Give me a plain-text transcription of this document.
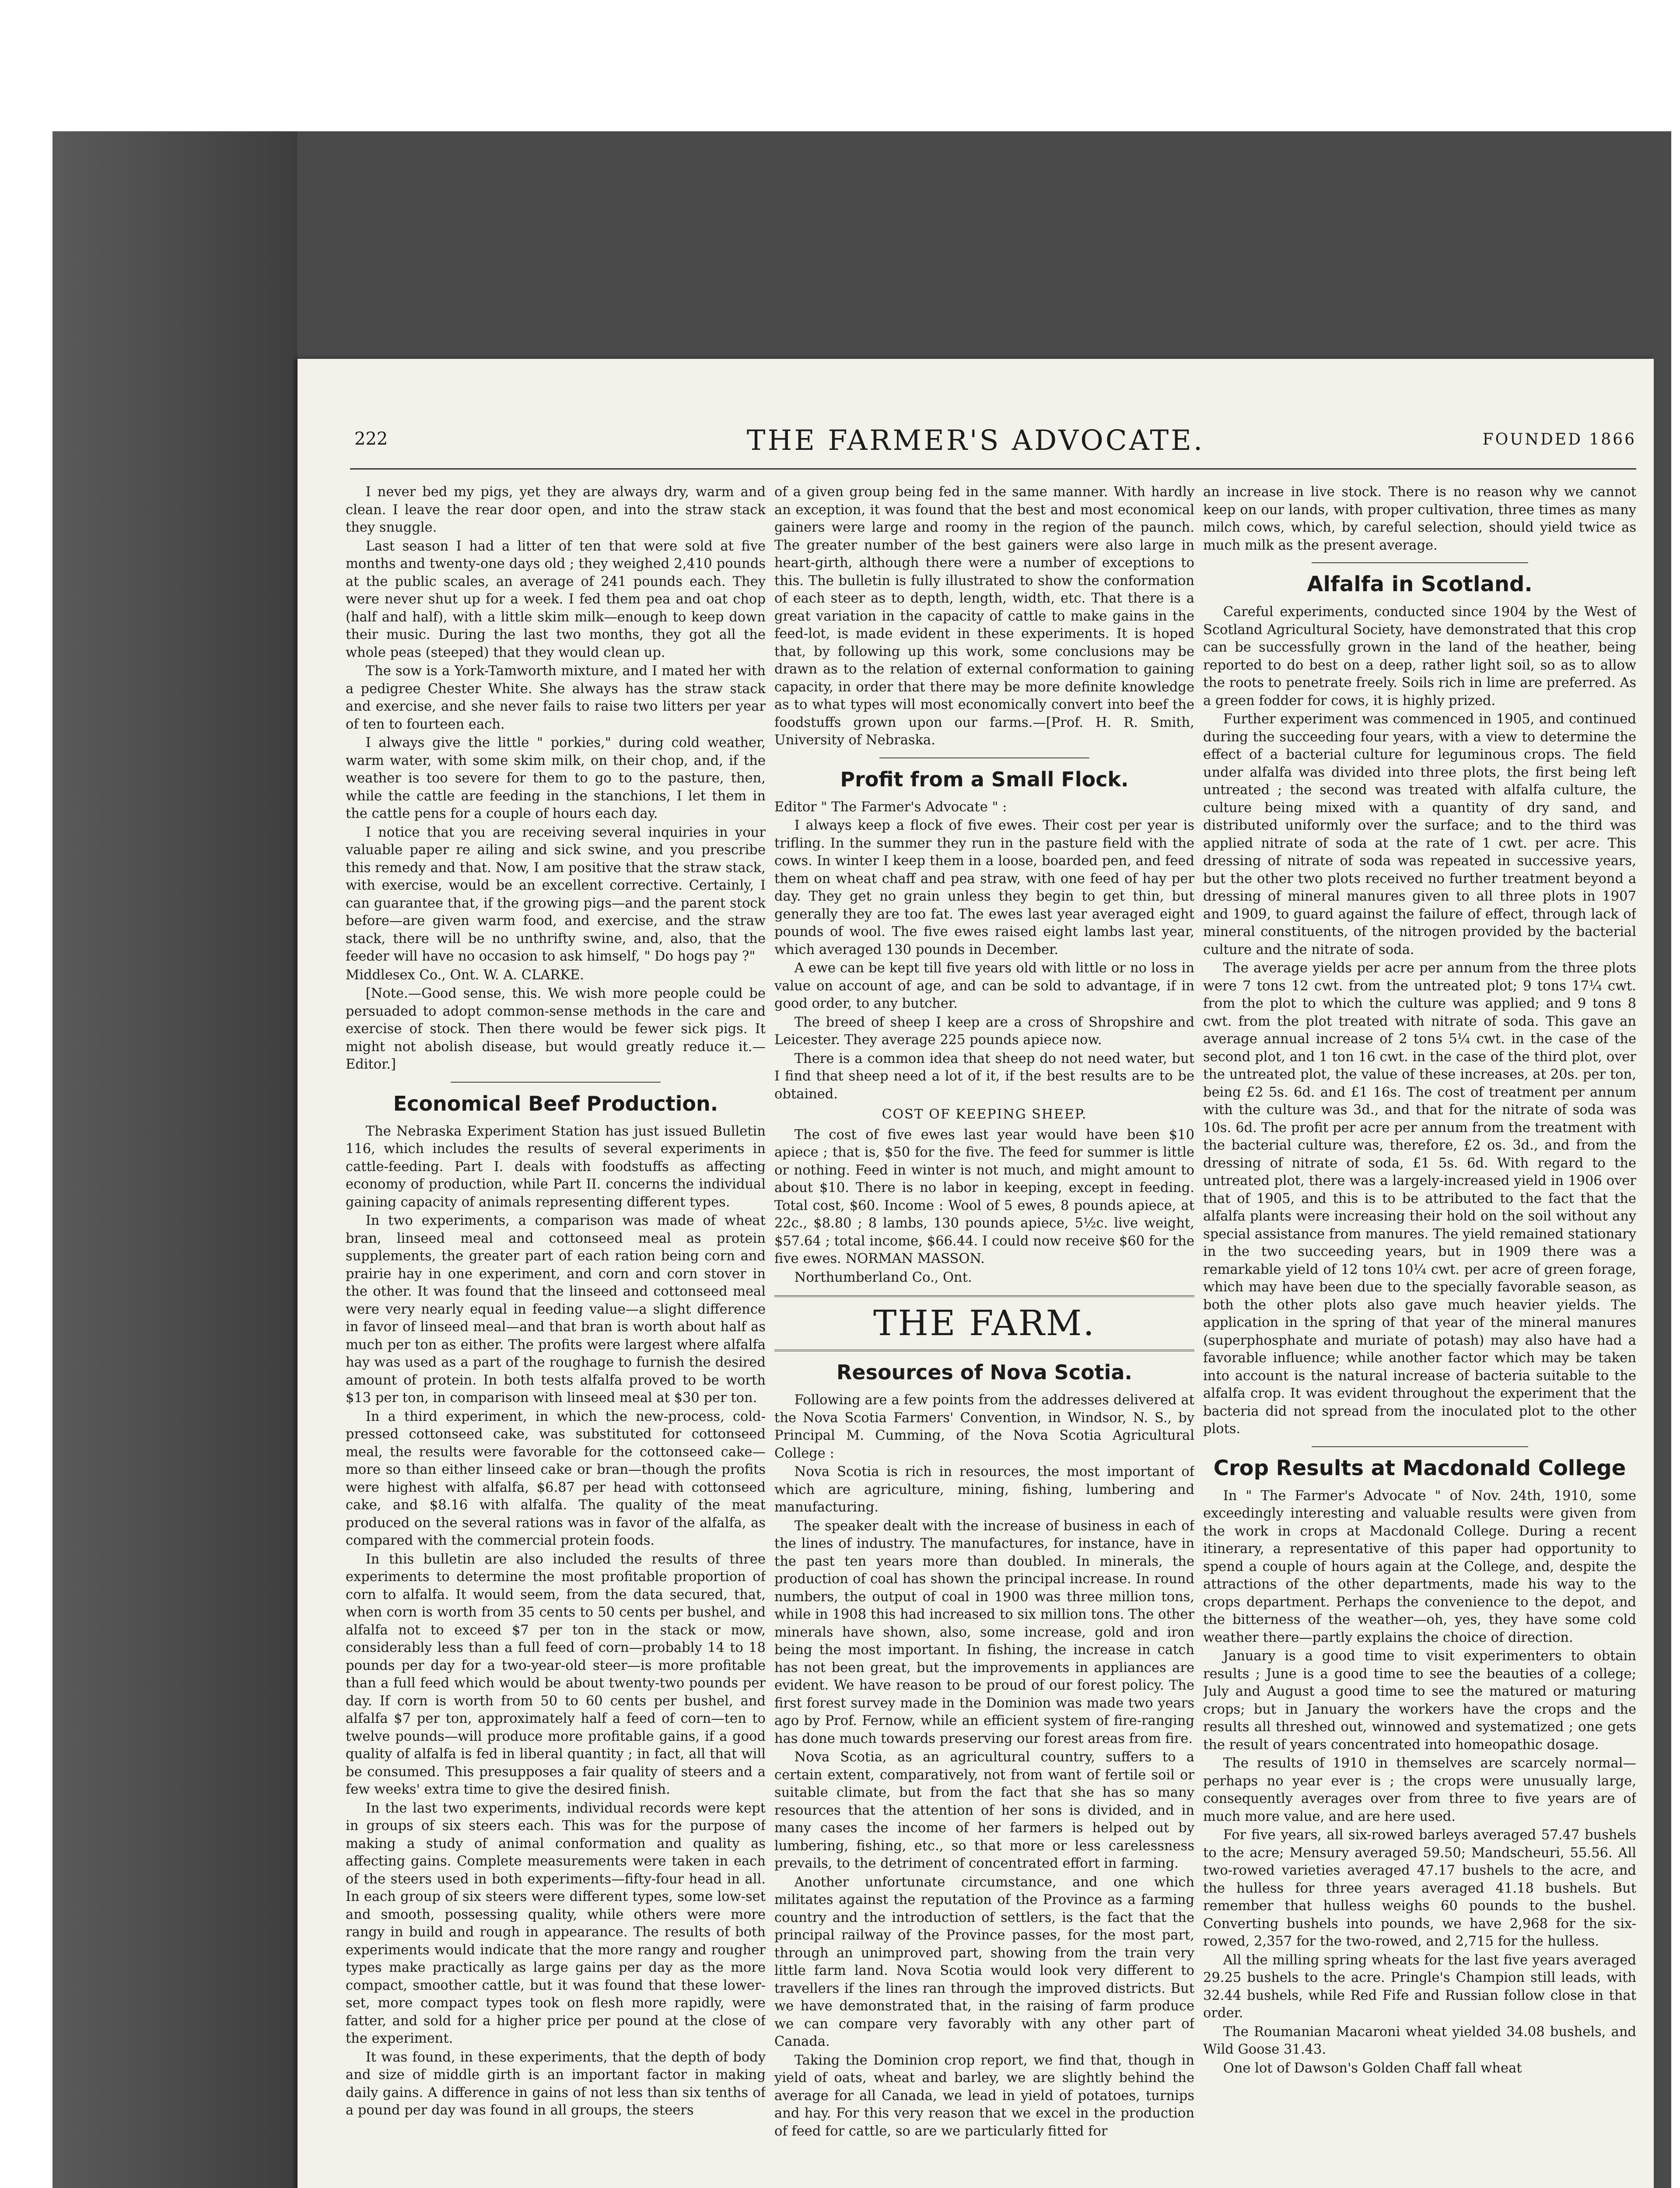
222	THE FARMER'S ADVOCATE.	FOUNDED 1866

I never bed my pigs, yet they are always dry, warm and clean. I leave the rear door open, and into the straw stack they snuggle.

Last season I had a litter of ten that were sold at five months and twenty-one days old ; they weighed 2,410 pounds at the public scales, an average of 241 pounds each. They were never shut up for a week. I fed them pea and oat chop (half and half), with a little skim milk—enough to keep down their music. During the last two months, they got all the whole peas (steeped) that they would clean up.

The sow is a York-Tamworth mixture, and I mated her with a pedigree Chester White. She always has the straw stack and exercise, and she never fails to raise two litters per year of ten to fourteen each.

I always give the little " porkies," during cold weather, warm water, with some skim milk, on their chop, and, if the weather is too severe for them to go to the pasture, then, while the cattle are feeding in the stanchions, I let them in the cattle pens for a couple of hours each day.

I notice that you are receiving several inquiries in your valuable paper re ailing and sick swine, and you prescribe this remedy and that. Now, I am positive that the straw stack, with exercise, would be an excellent corrective. Certainly, I can guarantee that, if the growing pigs—and the parent stock before—are given warm food, and exercise, and the straw stack, there will be no unthrifty swine, and, also, that the feeder will have no occasion to ask himself, " Do hogs pay ?"

Middlesex Co., Ont. W. A. CLARKE.

[Note.—Good sense, this. We wish more people could be persuaded to adopt common-sense methods in the care and exercise of stock. Then there would be fewer sick pigs. It might not abolish disease, but would greatly reduce it.—Editor.]

Economical Beef Production.

The Nebraska Experiment Station has just issued Bulletin 116, which includes the results of several experiments in cattle-feeding. Part I. deals with foodstuffs as affecting economy of production, while Part II. concerns the individual gaining capacity of animals representing different types.

In two experiments, a comparison was made of wheat bran, linseed meal and cottonseed meal as protein supplements, the greater part of each ration being corn and prairie hay in one experiment, and corn and corn stover in the other. It was found that the linseed and cottonseed meal were very nearly equal in feeding value—a slight difference in favor of linseed meal—and that bran is worth about half as much per ton as either. The profits were largest where alfalfa hay was used as a part of the roughage to furnish the desired amount of protein. In both tests alfalfa proved to be worth $13 per ton, in comparison with linseed meal at $30 per ton.

In a third experiment, in which the new-process, cold-pressed cottonseed cake, was substituted for cottonseed meal, the results were favorable for the cottonseed cake—more so than either linseed cake or bran—though the profits were highest with alfalfa, $6.87 per head with cottonseed cake, and $8.16 with alfalfa. The quality of the meat produced on the several rations was in favor of the alfalfa, as compared with the commercial protein foods.

In this bulletin are also included the results of three experiments to determine the most profitable proportion of corn to alfalfa. It would seem, from the data secured, that, when corn is worth from 35 cents to 50 cents per bushel, and alfalfa not to exceed $7 per ton in the stack or mow, considerably less than a full feed of corn—probably 14 to 18 pounds per day for a two-year-old steer—is more profitable than a full feed which would be about twenty-two pounds per day. If corn is worth from 50 to 60 cents per bushel, and alfalfa $7 per ton, approximately half a feed of corn—ten to twelve pounds—will produce more profitable gains, if a good quality of alfalfa is fed in liberal quantity ; in fact, all that will be consumed. This presupposes a fair quality of steers and a few weeks' extra time to give the desired finish.

In the last two experiments, individual records were kept in groups of six steers each. This was for the purpose of making a study of animal conformation and quality as affecting gains. Complete measurements were taken in each of the steers used in both experiments—fifty-four head in all. In each group of six steers were different types, some low-set and smooth, possessing quality, while others were more rangy in build and rough in appearance. The results of both experiments would indicate that the more rangy and rougher types make practically as large gains per day as the more compact, smoother cattle, but it was found that these lower-set, more compact types took on flesh more rapidly, were fatter, and sold for a higher price per pound at the close of the experiment.

It was found, in these experiments, that the depth of body and size of middle girth is an important factor in making daily gains. A difference in gains of not less than six tenths of a pound per day was found in all groups, the steers

of a given group being fed in the same manner. With hardly an exception, it was found that the best and most economical gainers were large and roomy in the region of the paunch. The greater number of the best gainers were also large in heart-girth, although there were a number of exceptions to this. The bulletin is fully illustrated to show the conformation of each steer as to depth, length, width, etc. That there is a great variation in the capacity of cattle to make gains in the feed-lot, is made evident in these experiments. It is hoped that, by following up this work, some conclusions may be drawn as to the relation of external conformation to gaining capacity, in order that there may be more definite knowledge as to what types will most economically convert into beef the foodstuffs grown upon our farms.—[Prof. H. R. Smith, University of Nebraska.

Profit from a Small Flock.

Editor " The Farmer's Advocate " :

I always keep a flock of five ewes. Their cost per year is trifling. In the summer they run in the pasture field with the cows. In winter I keep them in a loose, boarded pen, and feed them on wheat chaff and pea straw, with one feed of hay per day. They get no grain unless they begin to get thin, but generally they are too fat. The ewes last year averaged eight pounds of wool. The five ewes raised eight lambs last year, which averaged 130 pounds in December.

A ewe can be kept till five years old with little or no loss in value on account of age, and can be sold to advantage, if in good order, to any butcher.

The breed of sheep I keep are a cross of Shropshire and Leicester. They average 225 pounds apiece now.

There is a common idea that sheep do not need water, but I find that sheep need a lot of it, if the best results are to be obtained.

COST OF KEEPING SHEEP.

The cost of five ewes last year would have been $10 apiece ; that is, $50 for the five. The feed for summer is little or nothing. Feed in winter is not much, and might amount to about $10. There is no labor in keeping, except in feeding. Total cost, $60. Income : Wool of 5 ewes, 8 pounds apiece, at 22c., $8.80 ; 8 lambs, 130 pounds apiece, 5½c. live weight, $57.64 ; total income, $66.44. I could now receive $60 for the five ewes. NORMAN MASSON.

Northumberland Co., Ont.

THE FARM.
Resources of Nova Scotia.

Following are a few points from the addresses delivered at the Nova Scotia Farmers' Convention, in Windsor, N. S., by Principal M. Cumming, of the Nova Scotia Agricultural College :

Nova Scotia is rich in resources, the most important of which are agriculture, mining, fishing, lumbering and manufacturing.

The speaker dealt with the increase of business in each of the lines of industry. The manufactures, for instance, have in the past ten years more than doubled. In minerals, the production of coal has shown the principal increase. In round numbers, the output of coal in 1900 was three million tons, while in 1908 this had increased to six million tons. The other minerals have shown, also, some increase, gold and iron being the most important. In fishing, the increase in catch has not been great, but the improvements in appliances are evident. We have reason to be proud of our forest policy. The first forest survey made in the Dominion was made two years ago by Prof. Fernow, while an efficient system of fire-ranging has done much towards preserving our forest areas from fire.

Nova Scotia, as an agricultural country, suffers to a certain extent, comparatively, not from want of fertile soil or suitable climate, but from the fact that she has so many resources that the attention of her sons is divided, and in many cases the income of her farmers is helped out by lumbering, fishing, etc., so that more or less carelessness prevails, to the detriment of concentrated effort in farming.

Another unfortunate circumstance, and one which militates against the reputation of the Province as a farming country and the introduction of settlers, is the fact that the principal railway of the Province passes, for the most part, through an unimproved part, showing from the train very little farm land. Nova Scotia would look very different to travellers if the lines ran through the improved districts. But we have demonstrated that, in the raising of farm produce we can compare very favorably with any other part of Canada.

Taking the Dominion crop report, we find that, though in yield of oats, wheat and barley, we are slightly behind the average for all Canada, we lead in yield of potatoes, turnips and hay. For this very reason that we excel in the production of feed for cattle, so are we particularly fitted for

an increase in live stock. There is no reason why we cannot keep on our lands, with proper cultivation, three times as many milch cows, which, by careful selection, should yield twice as much milk as the present average.

Alfalfa in Scotland.

Careful experiments, conducted since 1904 by the West of Scotland Agricultural Society, have demonstrated that this crop can be successfully grown in the land of the heather, being reported to do best on a deep, rather light soil, so as to allow the roots to penetrate freely. Soils rich in lime are preferred. As a green fodder for cows, it is highly prized.

Further experiment was commenced in 1905, and continued during the succeeding four years, with a view to determine the effect of a bacterial culture for leguminous crops. The field under alfalfa was divided into three plots, the first being left untreated ; the second was treated with alfalfa culture, the culture being mixed with a quantity of dry sand, and distributed uniformly over the surface; and to the third was applied nitrate of soda at the rate of 1 cwt. per acre. This dressing of nitrate of soda was repeated in successive years, but the other two plots received no further treatment beyond a dressing of mineral manures given to all three plots in 1907 and 1909, to guard against the failure of effect, through lack of mineral constituents, of the nitrogen provided by the bacterial culture and the nitrate of soda.

The average yields per acre per annum from the three plots were 7 tons 12 cwt. from the untreated plot; 9 tons 17¼ cwt. from the plot to which the culture was applied; and 9 tons 8 cwt. from the plot treated with nitrate of soda. This gave an average annual increase of 2 tons 5¼ cwt. in the case of the second plot, and 1 ton 16 cwt. in the case of the third plot, over the untreated plot, the value of these increases, at 20s. per ton, being £2 5s. 6d. and £1 16s. The cost of treatment per annum with the culture was 3d., and that for the nitrate of soda was 10s. 6d. The profit per acre per annum from the treatment with the bacterial culture was, therefore, £2 os. 3d., and from the dressing of nitrate of soda, £1 5s. 6d. With regard to the untreated plot, there was a largely-increased yield in 1906 over that of 1905, and this is to be attributed to the fact that the alfalfa plants were increasing their hold on the soil without any special assistance from manures. The yield remained stationary in the two succeeding years, but in 1909 there was a remarkable yield of 12 tons 10¼ cwt. per acre of green forage, which may have been due to the specially favorable season, as both the other plots also gave much heavier yields. The application in the spring of that year of the mineral manures (superphosphate and muriate of potash) may also have had a favorable influence; while another factor which may be taken into account is the natural increase of bacteria suitable to the alfalfa crop. It was evident throughout the experiment that the bacteria did not spread from the inoculated plot to the other plots.

Crop Results at Macdonald College

In " The Farmer's Advocate " of Nov. 24th, 1910, some exceedingly interesting and valuable results were given from the work in crops at Macdonald College. During a recent itinerary, a representative of this paper had opportunity to spend a couple of hours again at the College, and, despite the attractions of the other departments, made his way to the crops department. Perhaps the convenience to the depot, and the bitterness of the weather—oh, yes, they have some cold weather there—partly explains the choice of direction.

January is a good time to visit experimenters to obtain results ; June is a good time to see the beauties of a college; July and August a good time to see the matured or maturing crops; but in January the workers have the crops and the results all threshed out, winnowed and systematized ; one gets the result of years concentrated into homeopathic dosage.

The results of 1910 in themselves are scarcely normal—perhaps no year ever is ; the crops were unusually large, consequently averages over from three to five years are of much more value, and are here used.

For five years, all six-rowed barleys averaged 57.47 bushels to the acre; Mensury averaged 59.50; Mandscheuri, 55.56. All two-rowed varieties averaged 47.17 bushels to the acre, and the hulless for three years averaged 41.18 bushels. But remember that hulless weighs 60 pounds to the bushel. Converting bushels into pounds, we have 2,968 for the six-rowed, 2,357 for the two-rowed, and 2,715 for the hulless.

All the milling spring wheats for the last five years averaged 29.25 bushels to the acre. Pringle's Champion still leads, with 32.44 bushels, while Red Fife and Russian follow close in that order.

The Roumanian Macaroni wheat yielded 34.08 bushels, and Wild Goose 31.43.

One lot of Dawson's Golden Chaff fall wheat
